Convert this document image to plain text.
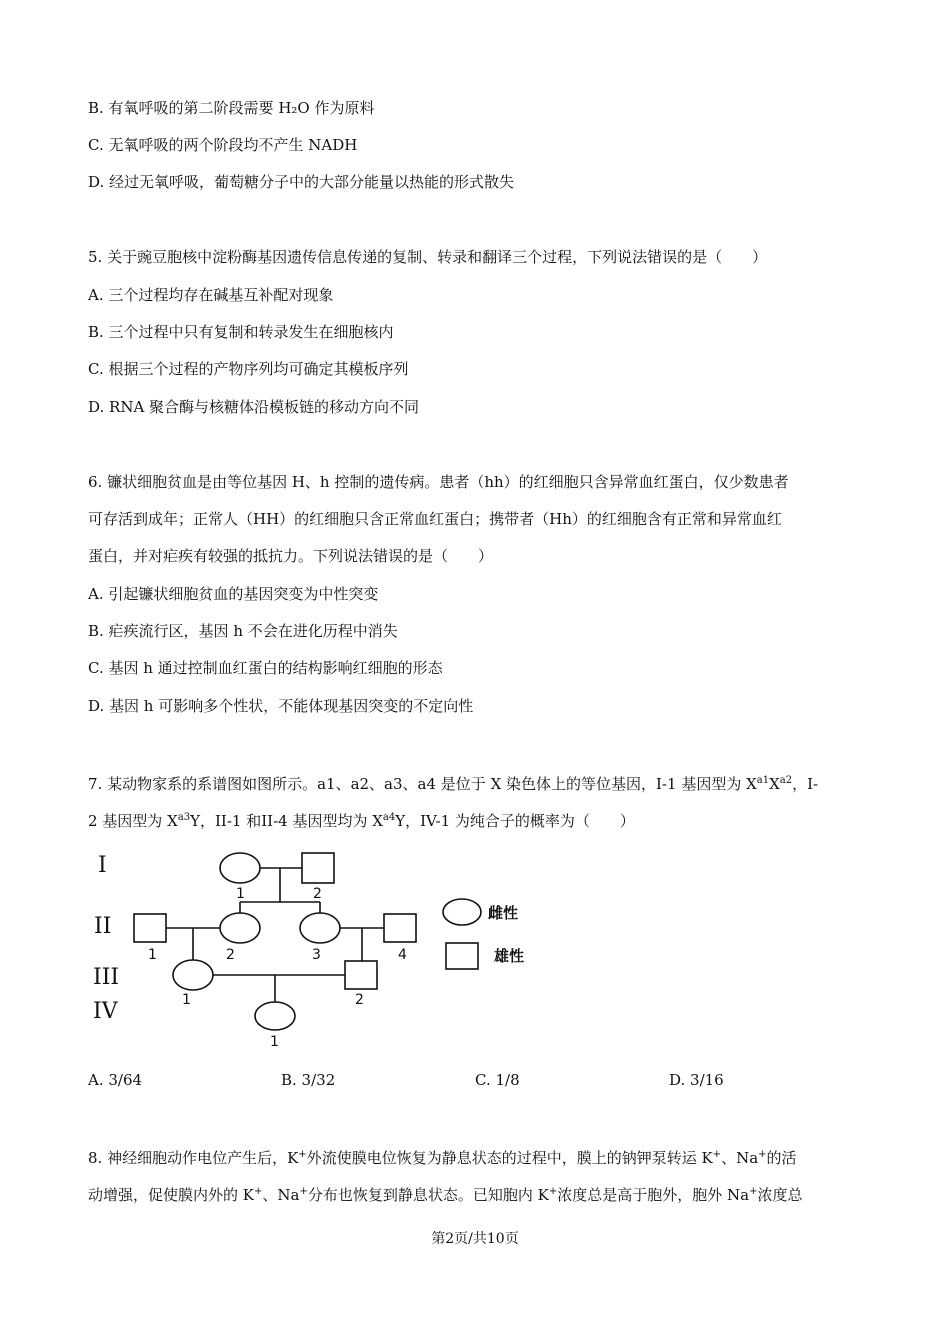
B. 有氧呼吸的第二阶段需要 H₂O 作为原料
C. 无氧呼吸的两个阶段均不产生 NADH
D. 经过无氧呼吸，葡萄糖分子中的大部分能量以热能的形式散失
5. 关于豌豆胞核中淀粉酶基因遗传信息传递的复制、转录和翻译三个过程，下列说法错误的是（　　）
A. 三个过程均存在碱基互补配对现象
B. 三个过程中只有复制和转录发生在细胞核内
C. 根据三个过程的产物序列均可确定其模板序列
D. RNA 聚合酶与核糖体沿模板链的移动方向不同
6. 镰状细胞贫血是由等位基因 H、h 控制的遗传病。患者（hh）的红细胞只含异常血红蛋白，仅少数患者
可存活到成年；正常人（HH）的红细胞只含正常血红蛋白；携带者（Hh）的红细胞含有正常和异常血红
蛋白，并对疟疾有较强的抵抗力。下列说法错误的是（　　）
A. 引起镰状细胞贫血的基因突变为中性突变
B. 疟疾流行区，基因 h 不会在进化历程中消失
C. 基因 h 通过控制血红蛋白的结构影响红细胞的形态
D. 基因 h 可影响多个性状，不能体现基因突变的不定向性
7. 某动物家系的系谱图如图所示。a1、a2、a3、a4 是位于 X 染色体上的等位基因，I-1 基因型为 $X^{a1}X^{a2}$，I-
2 基因型为 $X^{a3}Y$，II-1 和II-4 基因型均为 $X^{a4}Y$，IV-1 为纯合子的概率为（　　）
I
II
III
IV
1	2
1	2	3	4
1	2
1
雌性
雄性
A. 3/64	B. 3/32	C. 1/8	D. 3/16
8. 神经细胞动作电位产生后，K+外流使膜电位恢复为静息状态的过程中，膜上的钠钾泵转运 K+、Na+的活
动增强，促使膜内外的 K+、Na+分布也恢复到静息状态。已知胞内 K+浓度总是高于胞外，胞外 Na+浓度总
第2页/共10页
